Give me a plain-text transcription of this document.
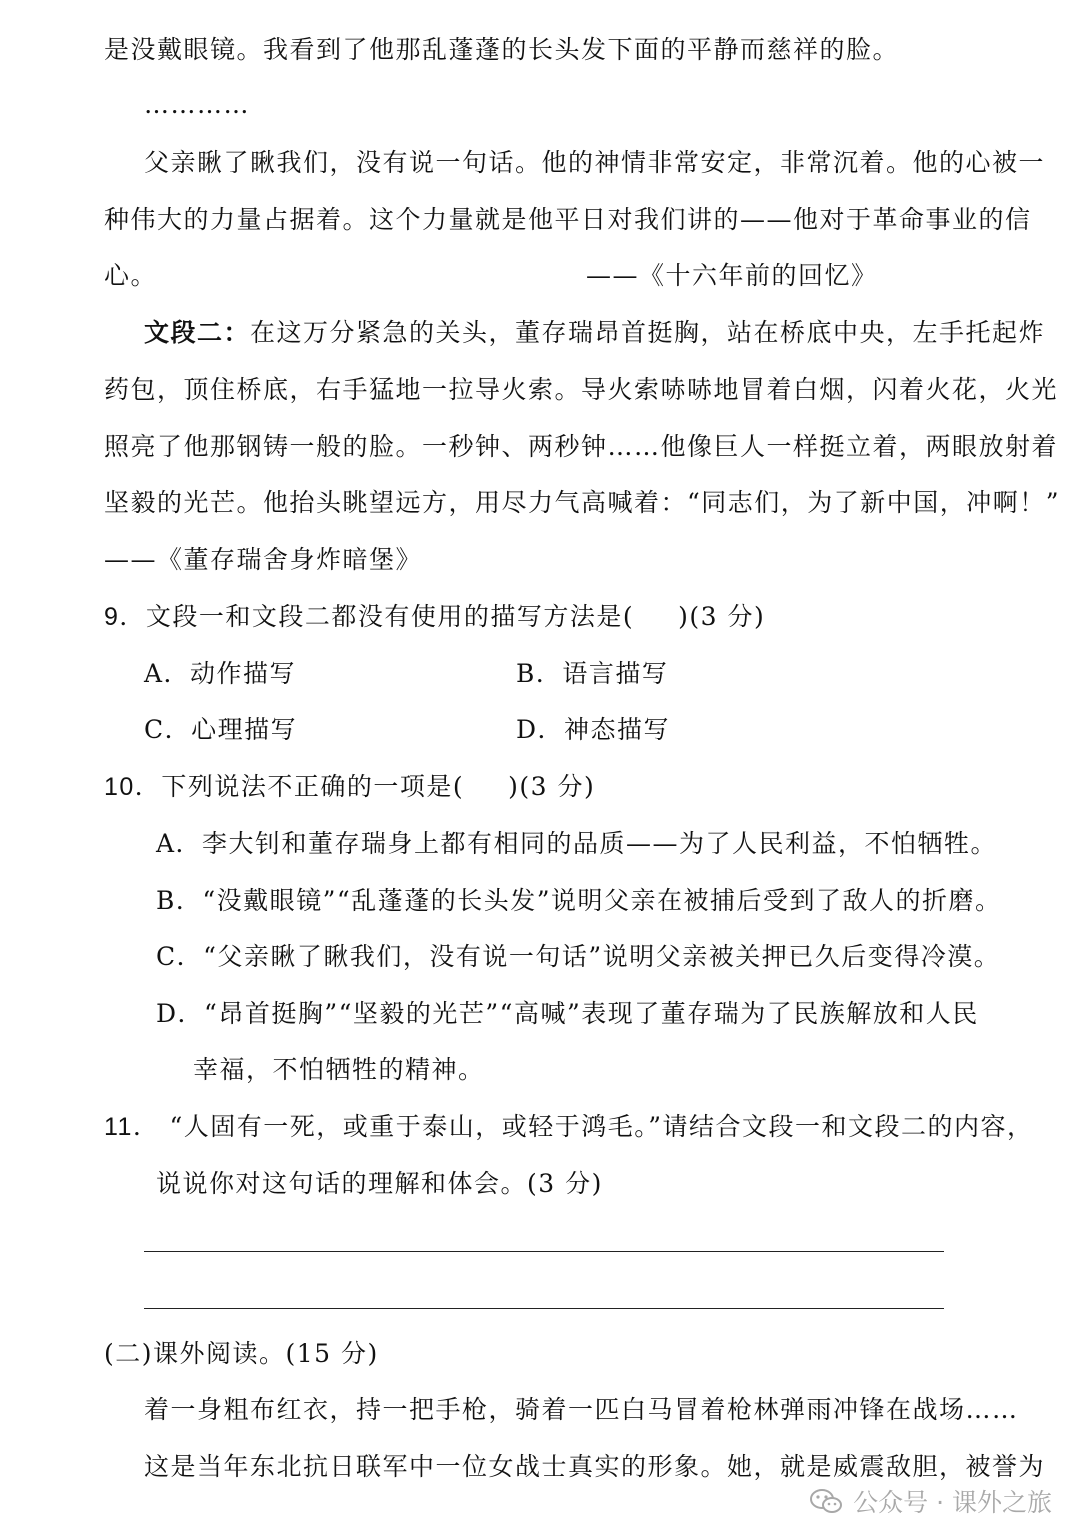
是没戴眼镜。我看到了他那乱蓬蓬的长头发下面的平静而慈祥的脸。
…………
父亲瞅了瞅我们，没有说一句话。他的神情非常安定，非常沉着。他的心被一
种伟大的力量占据着。这个力量就是他平日对我们讲的——他对于革命事业的信
心。	——《十六年前的回忆》
文段二：在这万分紧急的关头，董存瑞昂首挺胸，站在桥底中央，左手托起炸
药包，顶住桥底，右手猛地一拉导火索。导火索哧哧地冒着白烟，闪着火花，火光
照亮了他那钢铸一般的脸。一秒钟、两秒钟……他像巨人一样挺立着，两眼放射着
坚毅的光芒。他抬头眺望远方，用尽力气高喊着：“同志们，为了新中国，冲啊！”
——《董存瑞舍身炸暗堡》
9．文段一和文段二都没有使用的描写方法是( )(3 分)
A．动作描写	B．语言描写
C．心理描写	D．神态描写
10．下列说法不正确的一项是( )(3 分)
A．李大钊和董存瑞身上都有相同的品质——为了人民利益，不怕牺牲。
B．“没戴眼镜”“乱蓬蓬的长头发”说明父亲在被捕后受到了敌人的折磨。
C．“父亲瞅了瞅我们，没有说一句话”说明父亲被关押已久后变得冷漠。
D．“昂首挺胸”“坚毅的光芒”“高喊”表现了董存瑞为了民族解放和人民
幸福，不怕牺牲的精神。
11． “人固有一死，或重于泰山，或轻于鸿毛。”请结合文段一和文段二的内容，
说说你对这句话的理解和体会。(3 分)
(二)课外阅读。(15 分)
着一身粗布红衣，持一把手枪，骑着一匹白马冒着枪林弹雨冲锋在战场……
这是当年东北抗日联军中一位女战士真实的形象。她，就是威震敌胆，被誉为
公众号 · 课外之旅
